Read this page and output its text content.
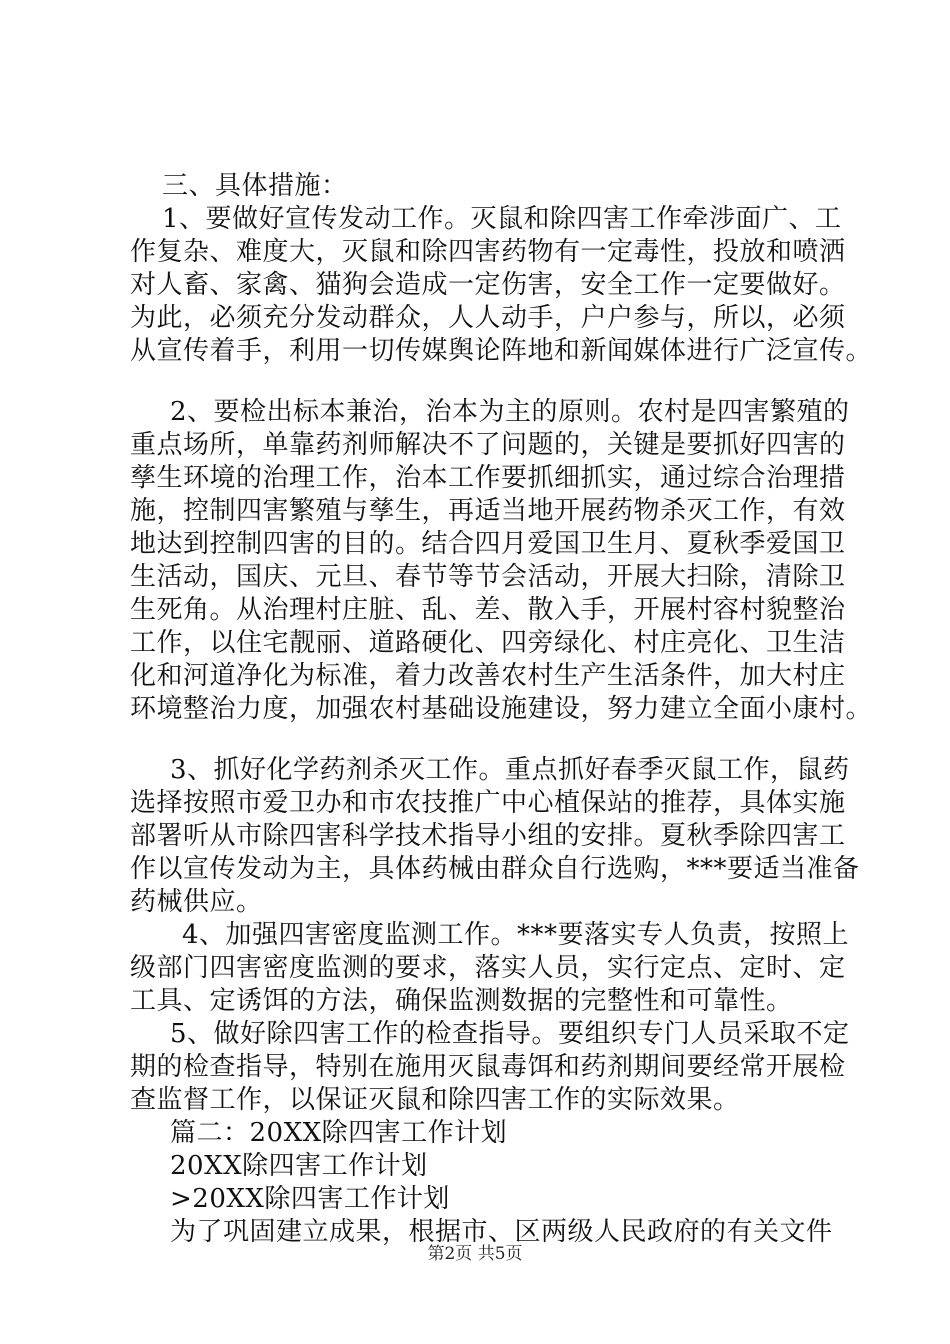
三、具体措施：
1、要做好宣传发动工作。灭鼠和除四害工作牵涉面广、工
作复杂、难度大，灭鼠和除四害药物有一定毒性，投放和喷洒
对人畜、家禽、猫狗会造成一定伤害，安全工作一定要做好。
为此，必须充分发动群众，人人动手，户户参与，所以，必须
从宣传着手，利用一切传媒舆论阵地和新闻媒体进行广泛宣传。
2、要检出标本兼治，治本为主的原则。农村是四害繁殖的
重点场所，单靠药剂师解决不了问题的，关键是要抓好四害的
孳生环境的治理工作，治本工作要抓细抓实，通过综合治理措
施，控制四害繁殖与孳生，再适当地开展药物杀灭工作，有效
地达到控制四害的目的。结合四月爱国卫生月、夏秋季爱国卫
生活动，国庆、元旦、春节等节会活动，开展大扫除，清除卫
生死角。从治理村庄脏、乱、差、散入手，开展村容村貌整治
工作，以住宅靓丽、道路硬化、四旁绿化、村庄亮化、卫生洁
化和河道净化为标准，着力改善农村生产生活条件，加大村庄
环境整治力度，加强农村基础设施建设，努力建立全面小康村。
3、抓好化学药剂杀灭工作。重点抓好春季灭鼠工作，鼠药
选择按照市爱卫办和市农技推广中心植保站的推荐，具体实施
部署听从市除四害科学技术指导小组的安排。夏秋季除四害工
作以宣传发动为主，具体药械由群众自行选购，***要适当准备
药械供应。
4、加强四害密度监测工作。***要落实专人负责，按照上
级部门四害密度监测的要求，落实人员，实行定点、定时、定
工具、定诱饵的方法，确保监测数据的完整性和可靠性。
5、做好除四害工作的检查指导。要组织专门人员采取不定
期的检查指导，特别在施用灭鼠毒饵和药剂期间要经常开展检
查监督工作，以保证灭鼠和除四害工作的实际效果。
篇二：20XX除四害工作计划
20XX除四害工作计划
>20XX除四害工作计划
为了巩固建立成果，根据市、区两级人民政府的有关文件
第2页 共5页
